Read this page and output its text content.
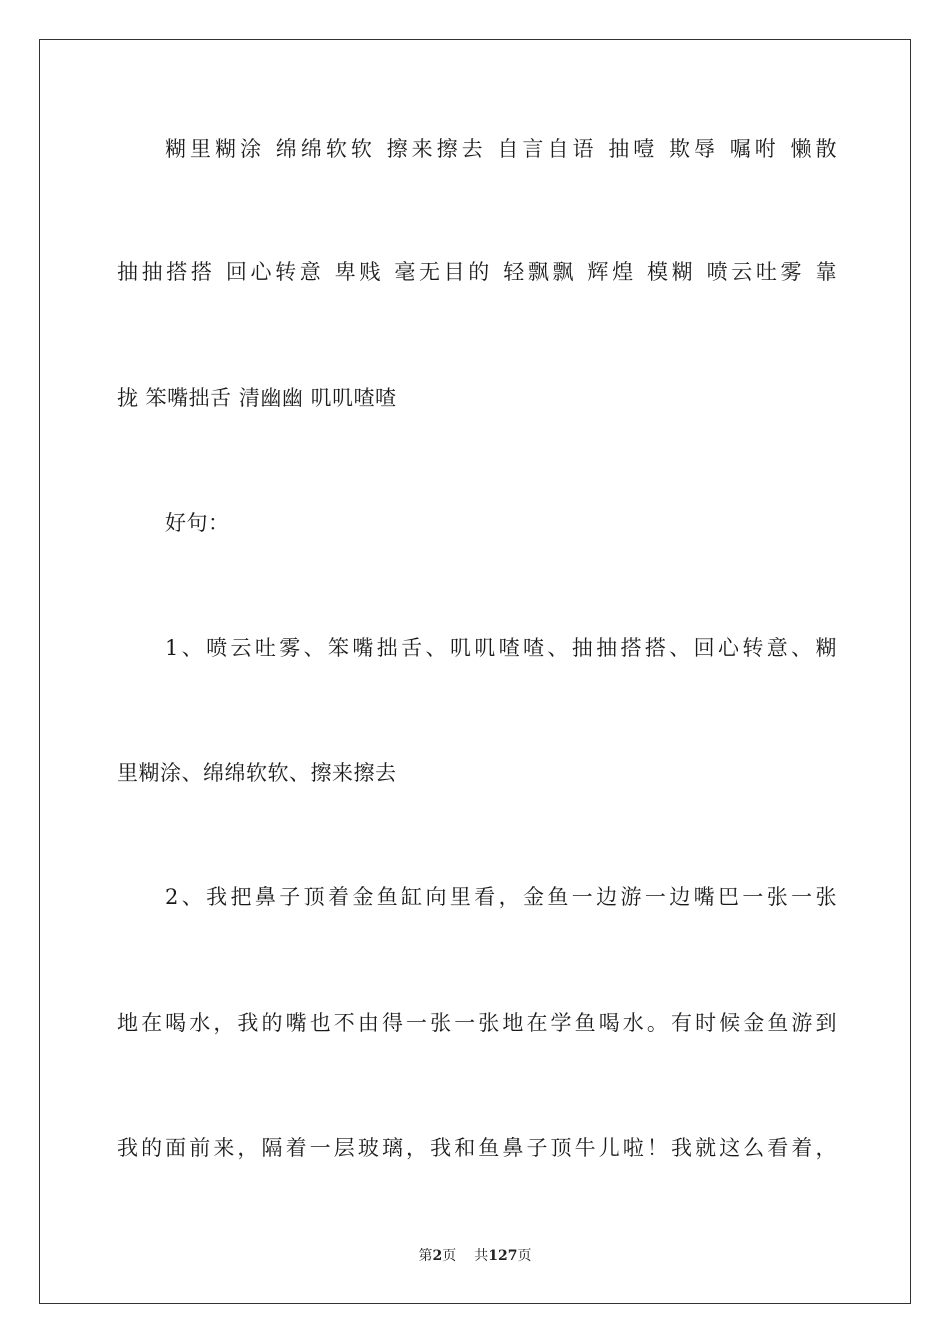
糊里糊涂 绵绵软软 擦来擦去 自言自语 抽噎 欺辱 嘱咐 懒散
抽抽搭搭 回心转意 卑贱 毫无目的 轻飘飘 辉煌 模糊 喷云吐雾 靠
拢 笨嘴拙舌 清幽幽 叽叽喳喳
好句：
1、喷云吐雾、笨嘴拙舌、叽叽喳喳、抽抽搭搭、回心转意、糊
里糊涂、绵绵软软、擦来擦去
2、我把鼻子顶着金鱼缸向里看，金鱼一边游一边嘴巴一张一张
地在喝水，我的嘴也不由得一张一张地在学鱼喝水。有时候金鱼游到
我的面前来，隔着一层玻璃，我和鱼鼻子顶牛儿啦！我就这么看着，
第2页 共127页
